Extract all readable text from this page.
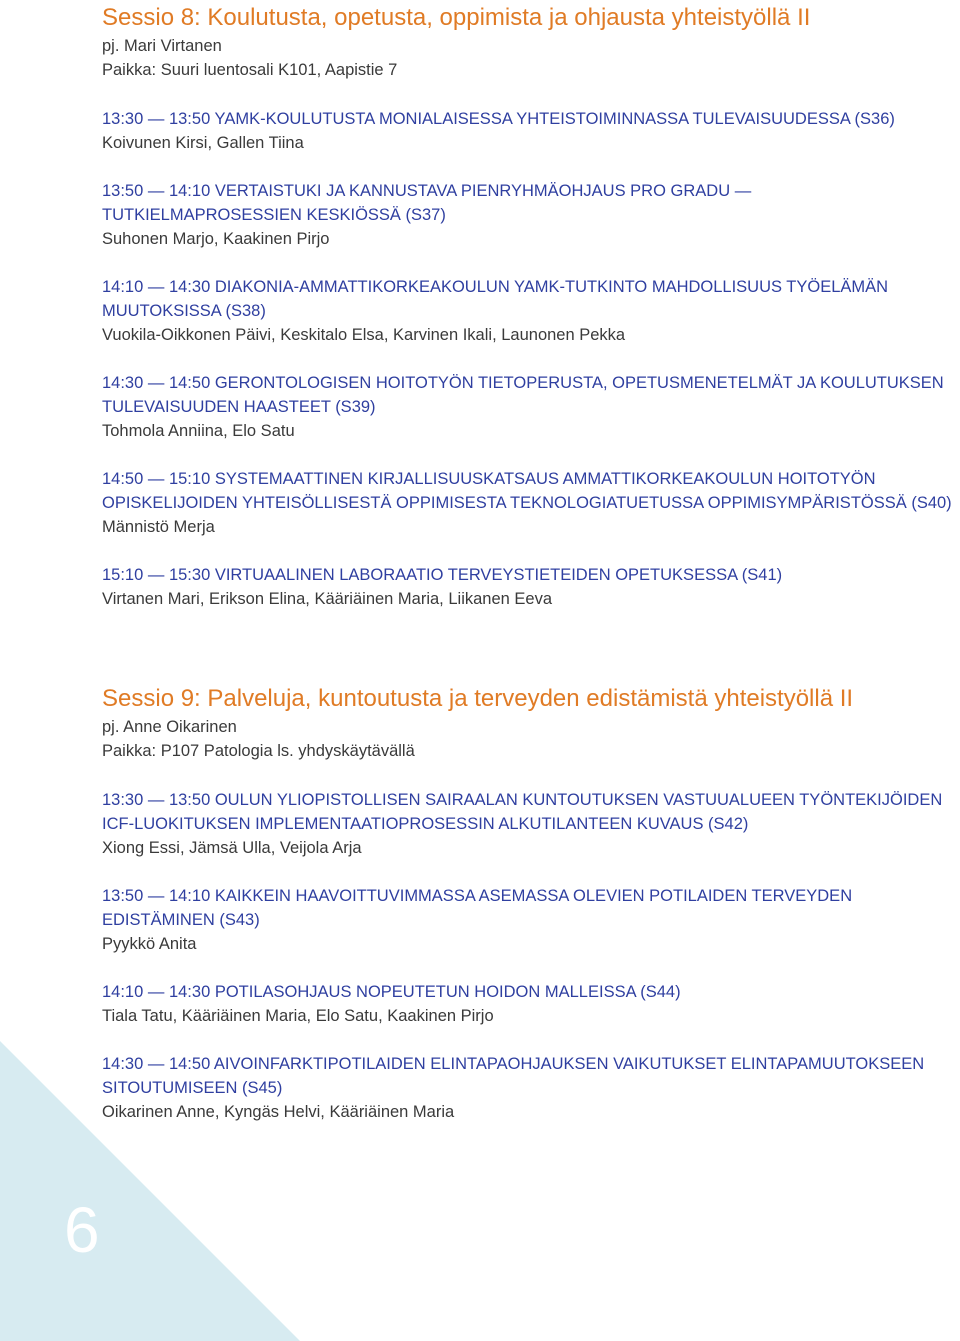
6
Sessio 8: Koulutusta, opetusta, oppimista ja ohjausta yhteistyöllä II
pj. Mari Virtanen
Paikka: Suuri luentosali K101, Aapistie 7
13:30 — 13:50 YAMK-KOULUTUSTA MONIALAISESSA YHTEISTOIMINNASSA TULEVAISUUDESSA (S36)
Koivunen Kirsi, Gallen Tiina
13:50 — 14:10 VERTAISTUKI JA KANNUSTAVA PIENRYHMÄOHJAUS PRO GRADU — TUTKIELMAPROSESSIEN KESKIÖSSÄ (S37)
Suhonen Marjo, Kaakinen Pirjo
14:10 — 14:30 DIAKONIA-AMMATTIKORKEAKOULUN YAMK-TUTKINTO MAHDOLLISUUS TYÖELÄMÄN MUUTOKSISSA (S38)
Vuokila-Oikkonen Päivi, Keskitalo Elsa, Karvinen Ikali, Launonen Pekka
14:30 — 14:50 GERONTOLOGISEN HOITOTYÖN TIETOPERUSTA, OPETUSMENETELMÄT JA KOULUTUKSEN TULEVAISUUDEN HAASTEET (S39)
Tohmola Anniina, Elo Satu
14:50 — 15:10 SYSTEMAATTINEN KIRJALLISUUSKATSAUS AMMATTIKORKEAKOULUN HOITOTYÖN OPISKELIJOIDEN YHTEISÖLLISESTÄ OPPIMISESTA TEKNOLOGIATUETUSSA OPPIMISYMPÄRISTÖSSÄ (S40)
Männistö Merja
15:10 — 15:30 VIRTUAALINEN LABORAATIO TERVEYSTIETEIDEN OPETUKSESSA (S41)
Virtanen Mari, Erikson Elina, Kääriäinen Maria, Liikanen Eeva
Sessio 9: Palveluja, kuntoutusta ja terveyden edistämistä yhteistyöllä II
pj. Anne Oikarinen
Paikka: P107 Patologia ls. yhdyskäytävällä
13:30 — 13:50 OULUN YLIOPISTOLLISEN SAIRAALAN KUNTOUTUKSEN VASTUUALUEEN TYÖNTEKIJÖIDEN ICF-LUOKITUKSEN IMPLEMENTAATIOPROSESSIN ALKUTILANTEEN KUVAUS (S42)
Xiong Essi, Jämsä Ulla, Veijola Arja
13:50 — 14:10 KAIKKEIN HAAVOITTUVIMMASSA ASEMASSA OLEVIEN POTILAIDEN TERVEYDEN EDISTÄMINEN (S43)
Pyykkö Anita
14:10 — 14:30 POTILASOHJAUS NOPEUTETUN HOIDON MALLEISSA (S44)
Tiala Tatu, Kääriäinen Maria, Elo Satu, Kaakinen Pirjo
14:30 — 14:50 AIVOINFARKTIPOTILAIDEN ELINTAPAOHJAUKSEN VAIKUTUKSET ELINTAPAMUUTOKSEEN SITOUTUMISEEN (S45)
Oikarinen Anne, Kyngäs Helvi, Kääriäinen Maria
